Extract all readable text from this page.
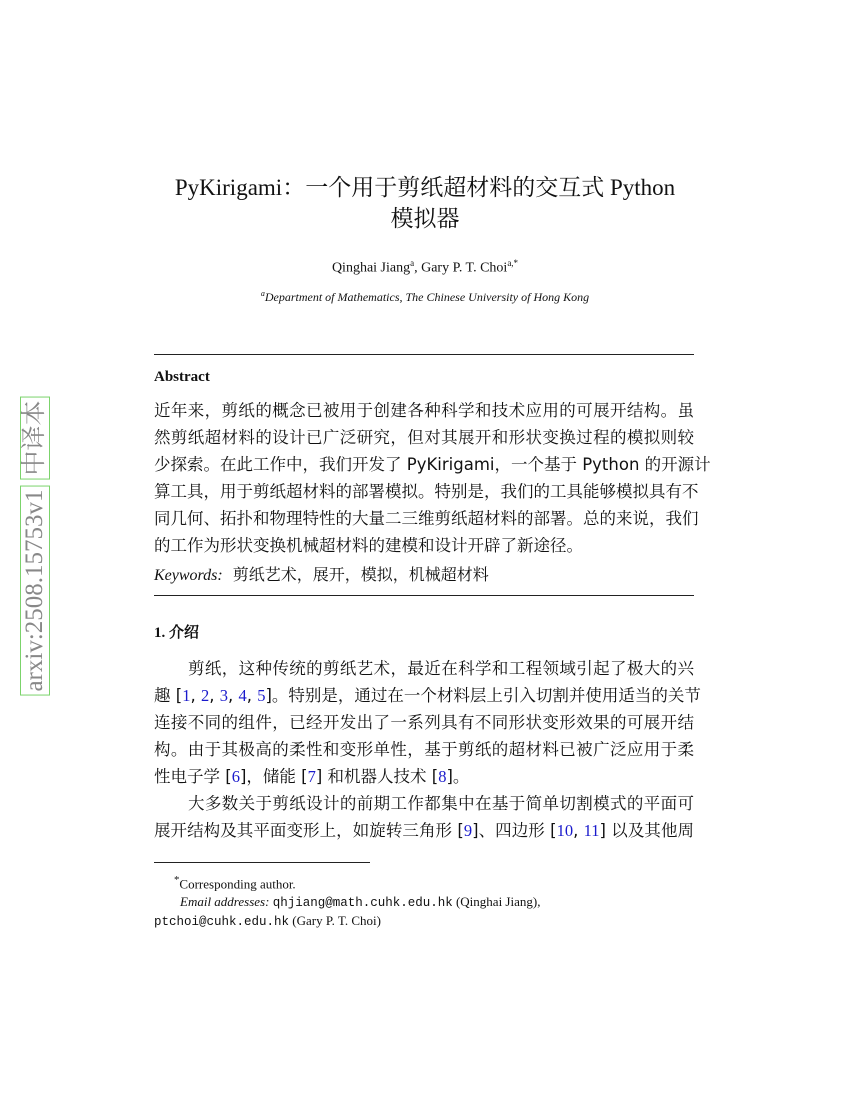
arxiv:2508.15753v1
中译本
PyKirigami：一个用于剪纸超材料的交互式 Python
模拟器
Qinghai Jiang$^a$, Gary P. T. Choi$^{a,*}$
$^a$Department of Mathematics, The Chinese University of Hong Kong
Abstract
近年来，剪纸的概念已被用于创建各种科学和技术应用的可展开结构。虽
然剪纸超材料的设计已广泛研究，但对其展开和形状变换过程的模拟则较
少探索。在此工作中，我们开发了 PyKirigami，一个基于 Python 的开源计
算工具，用于剪纸超材料的部署模拟。特别是，我们的工具能够模拟具有不
同几何、拓扑和物理特性的大量二三维剪纸超材料的部署。总的来说，我们
的工作为形状变换机械超材料的建模和设计开辟了新途径。
Keywords: 剪纸艺术，展开，模拟，机械超材料
1. 介绍
剪纸，这种传统的剪纸艺术，最近在科学和工程领域引起了极大的兴
趣 [1, 2, 3, 4, 5]。特别是，通过在一个材料层上引入切割并使用适当的关节
连接不同的组件，已经开发出了一系列具有不同形状变形效果的可展开结
构。由于其极高的柔性和变形单性，基于剪纸的超材料已被广泛应用于柔
性电子学 [6]，储能 [7] 和机器人技术 [8]。
大多数关于剪纸设计的前期工作都集中在基于简单切割模式的平面可
展开结构及其平面变形上，如旋转三角形 [9]、四边形 [10, 11] 以及其他周
*Corresponding author.
Email addresses: qhjiang@math.cuhk.edu.hk (Qinghai Jiang),
ptchoi@cuhk.edu.hk (Gary P. T. Choi)
